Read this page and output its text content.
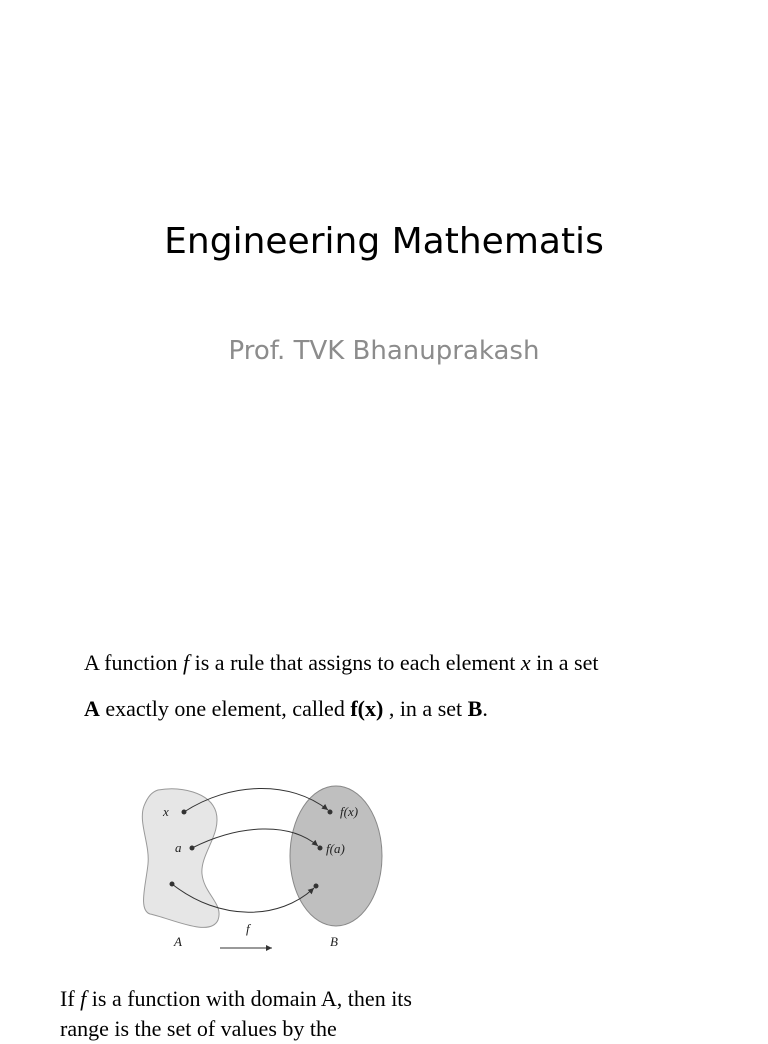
Engineering Mathematis
Prof. TVK Bhanuprakash
A function f is a rule that assigns to each element x in a set
A exactly one element, called f(x) , in a set B.
x
a
f(x)
f(a)
A
f
B
If f is a function with domain A, then its
range is the set of values by the
